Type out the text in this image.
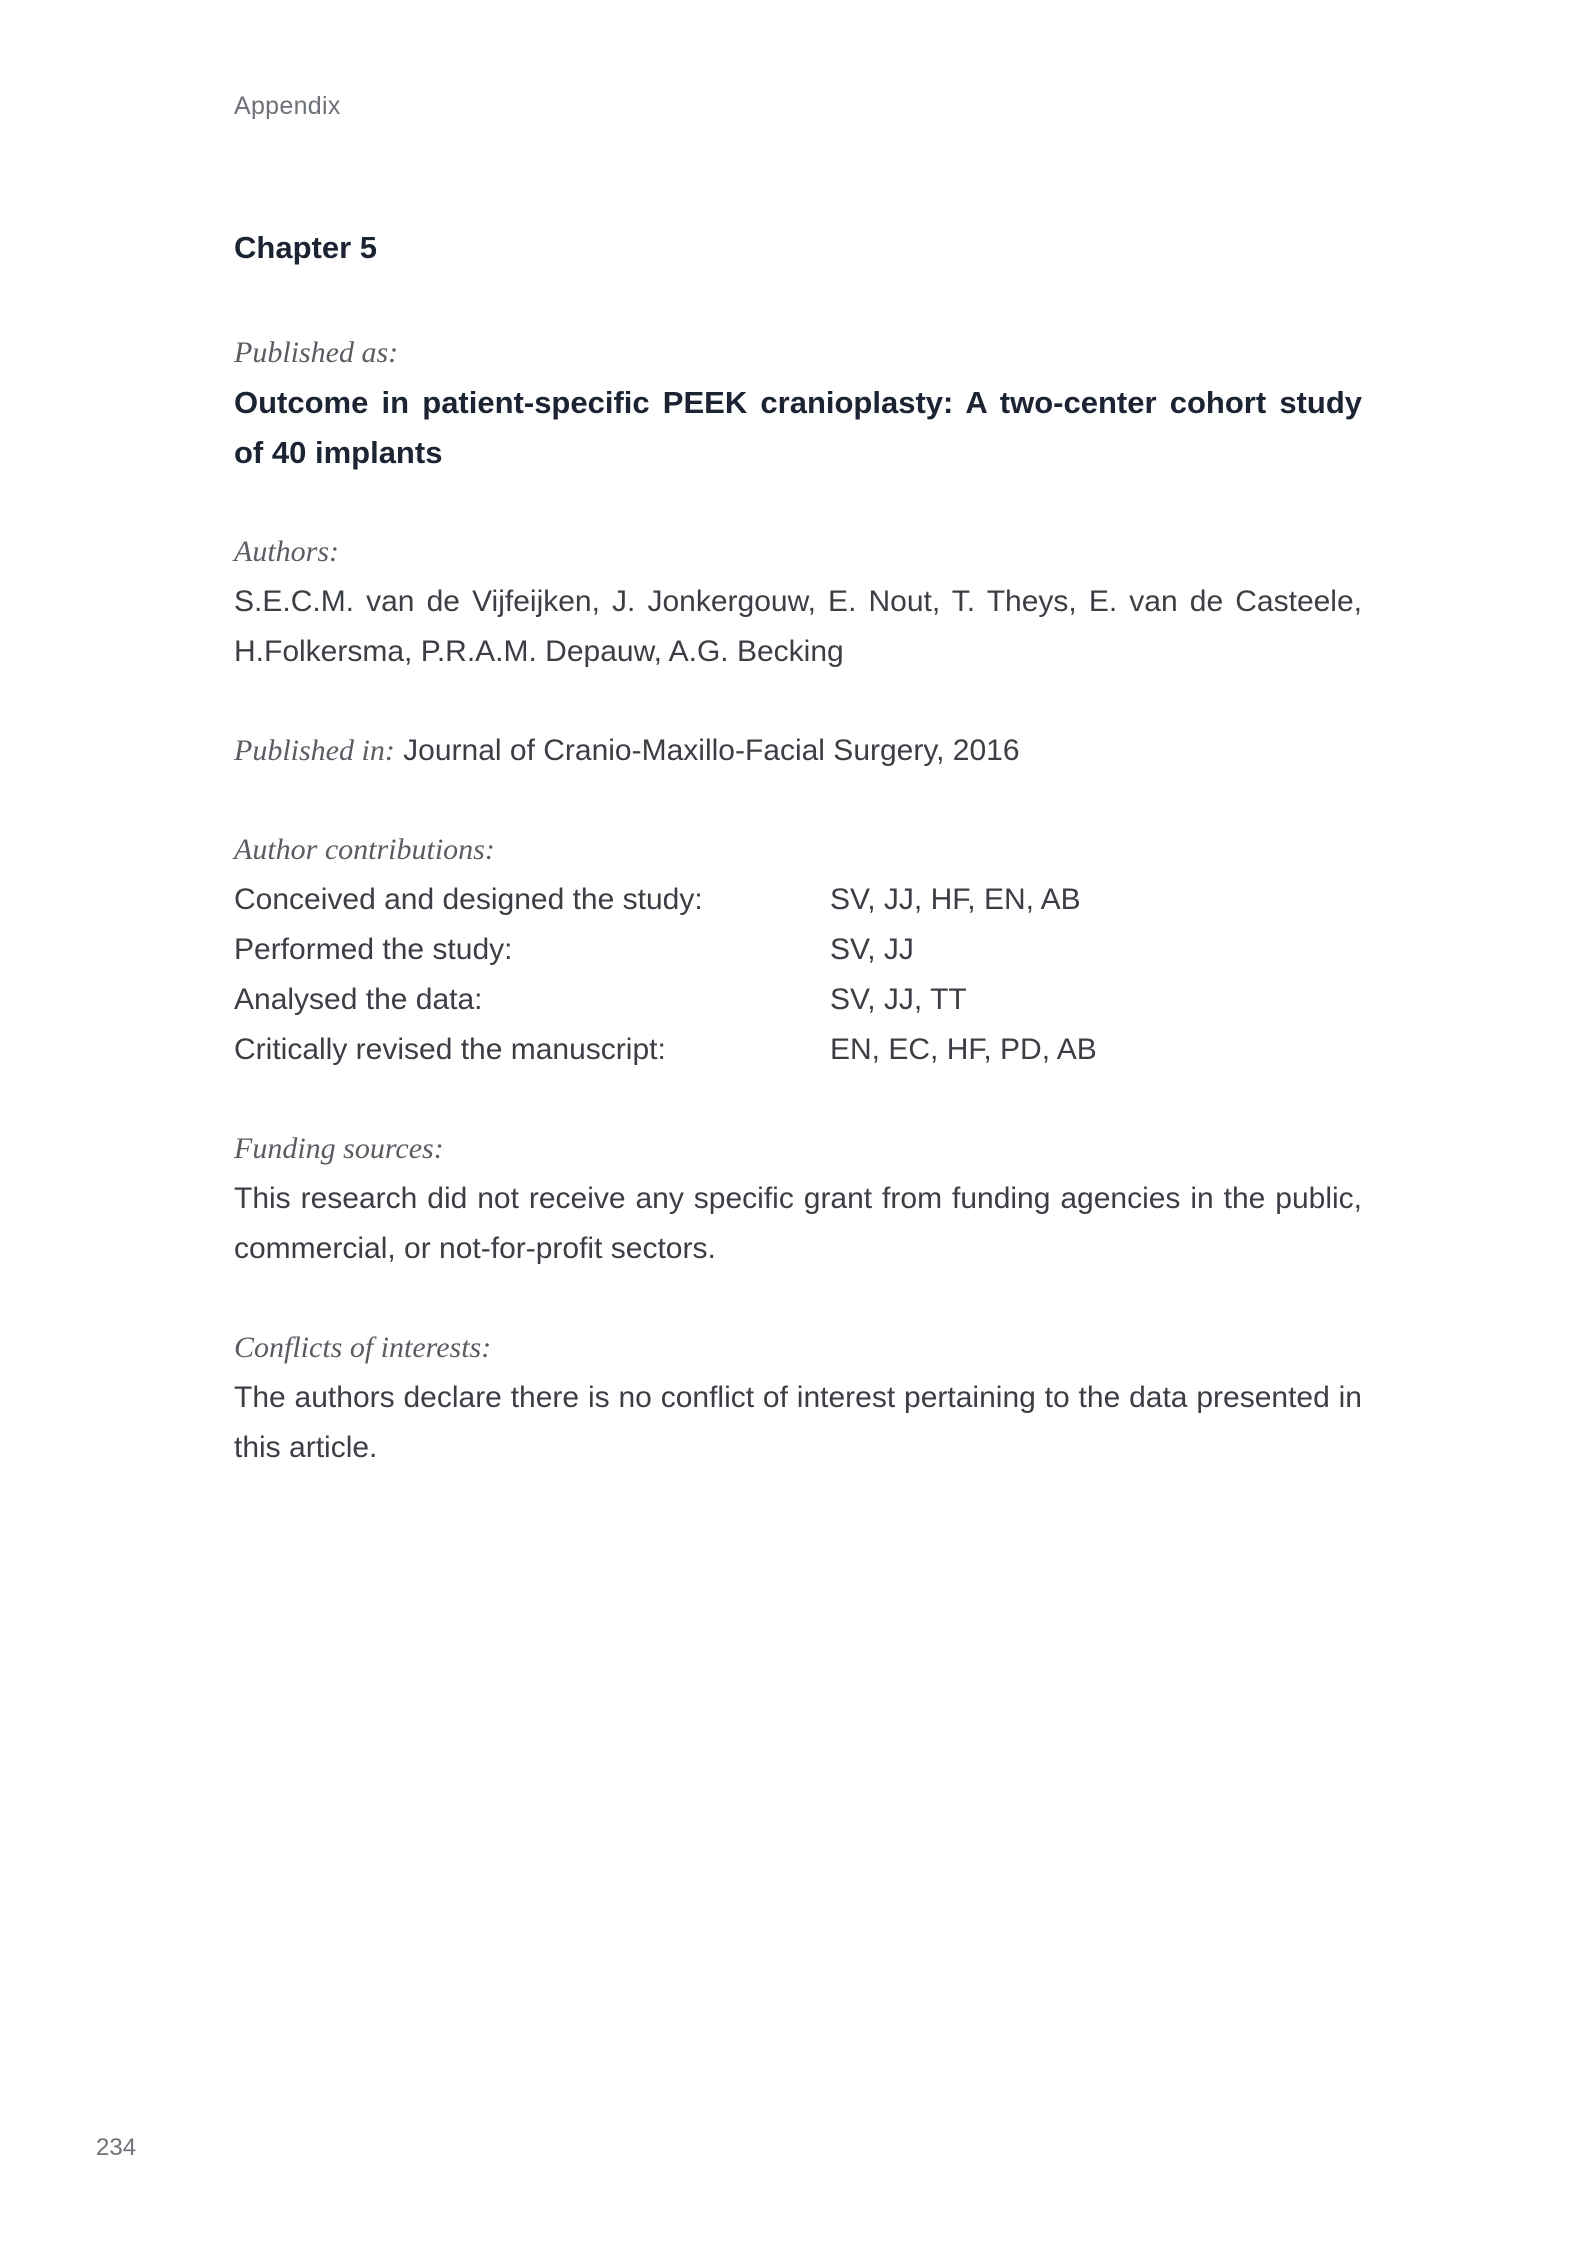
Appendix
Chapter 5
Published as:
Outcome in patient-specific PEEK cranioplasty: A two-center cohort study of 40 implants
Authors:
S.E.C.M. van de Vijfeijken, J. Jonkergouw, E. Nout, T. Theys, E. van de Casteele, H.Folkersma, P.R.A.M. Depauw, A.G. Becking
Published in: Journal of Cranio-Maxillo-Facial Surgery, 2016
Author contributions:
Conceived and designed the study:	SV, JJ, HF, EN, AB
Performed the study:	SV, JJ
Analysed the data:	SV, JJ, TT
Critically revised the manuscript:	EN, EC, HF, PD, AB
Funding sources:
This research did not receive any specific grant from funding agencies in the public, commercial, or not-for-profit sectors.
Conflicts of interests:
The authors declare there is no conflict of interest pertaining to the data presented in this article.
234
